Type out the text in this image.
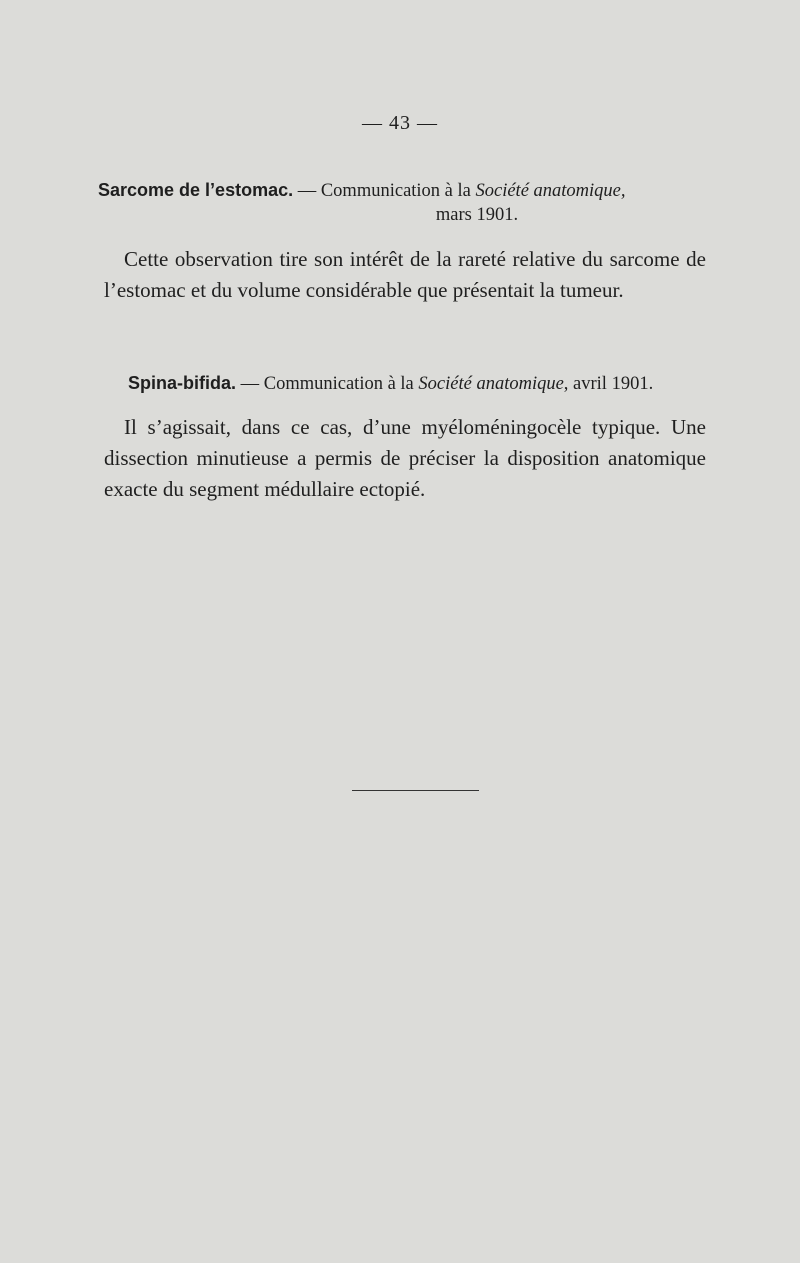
— 43 —
Sarcome de l’estomac. — Communication à la Société anatomique,
mars 1901.
Cette observation tire son intérêt de la rareté relative du sarcome de l’estomac et du volume considérable que présentait la tumeur.
Spina-bifida. — Communication à la Société anatomique, avril 1901.
Il s’agissait, dans ce cas, d’une myéloméningocèle typique. Une dissection minutieuse a permis de préciser la disposition anatomique exacte du segment médullaire ectopié.
